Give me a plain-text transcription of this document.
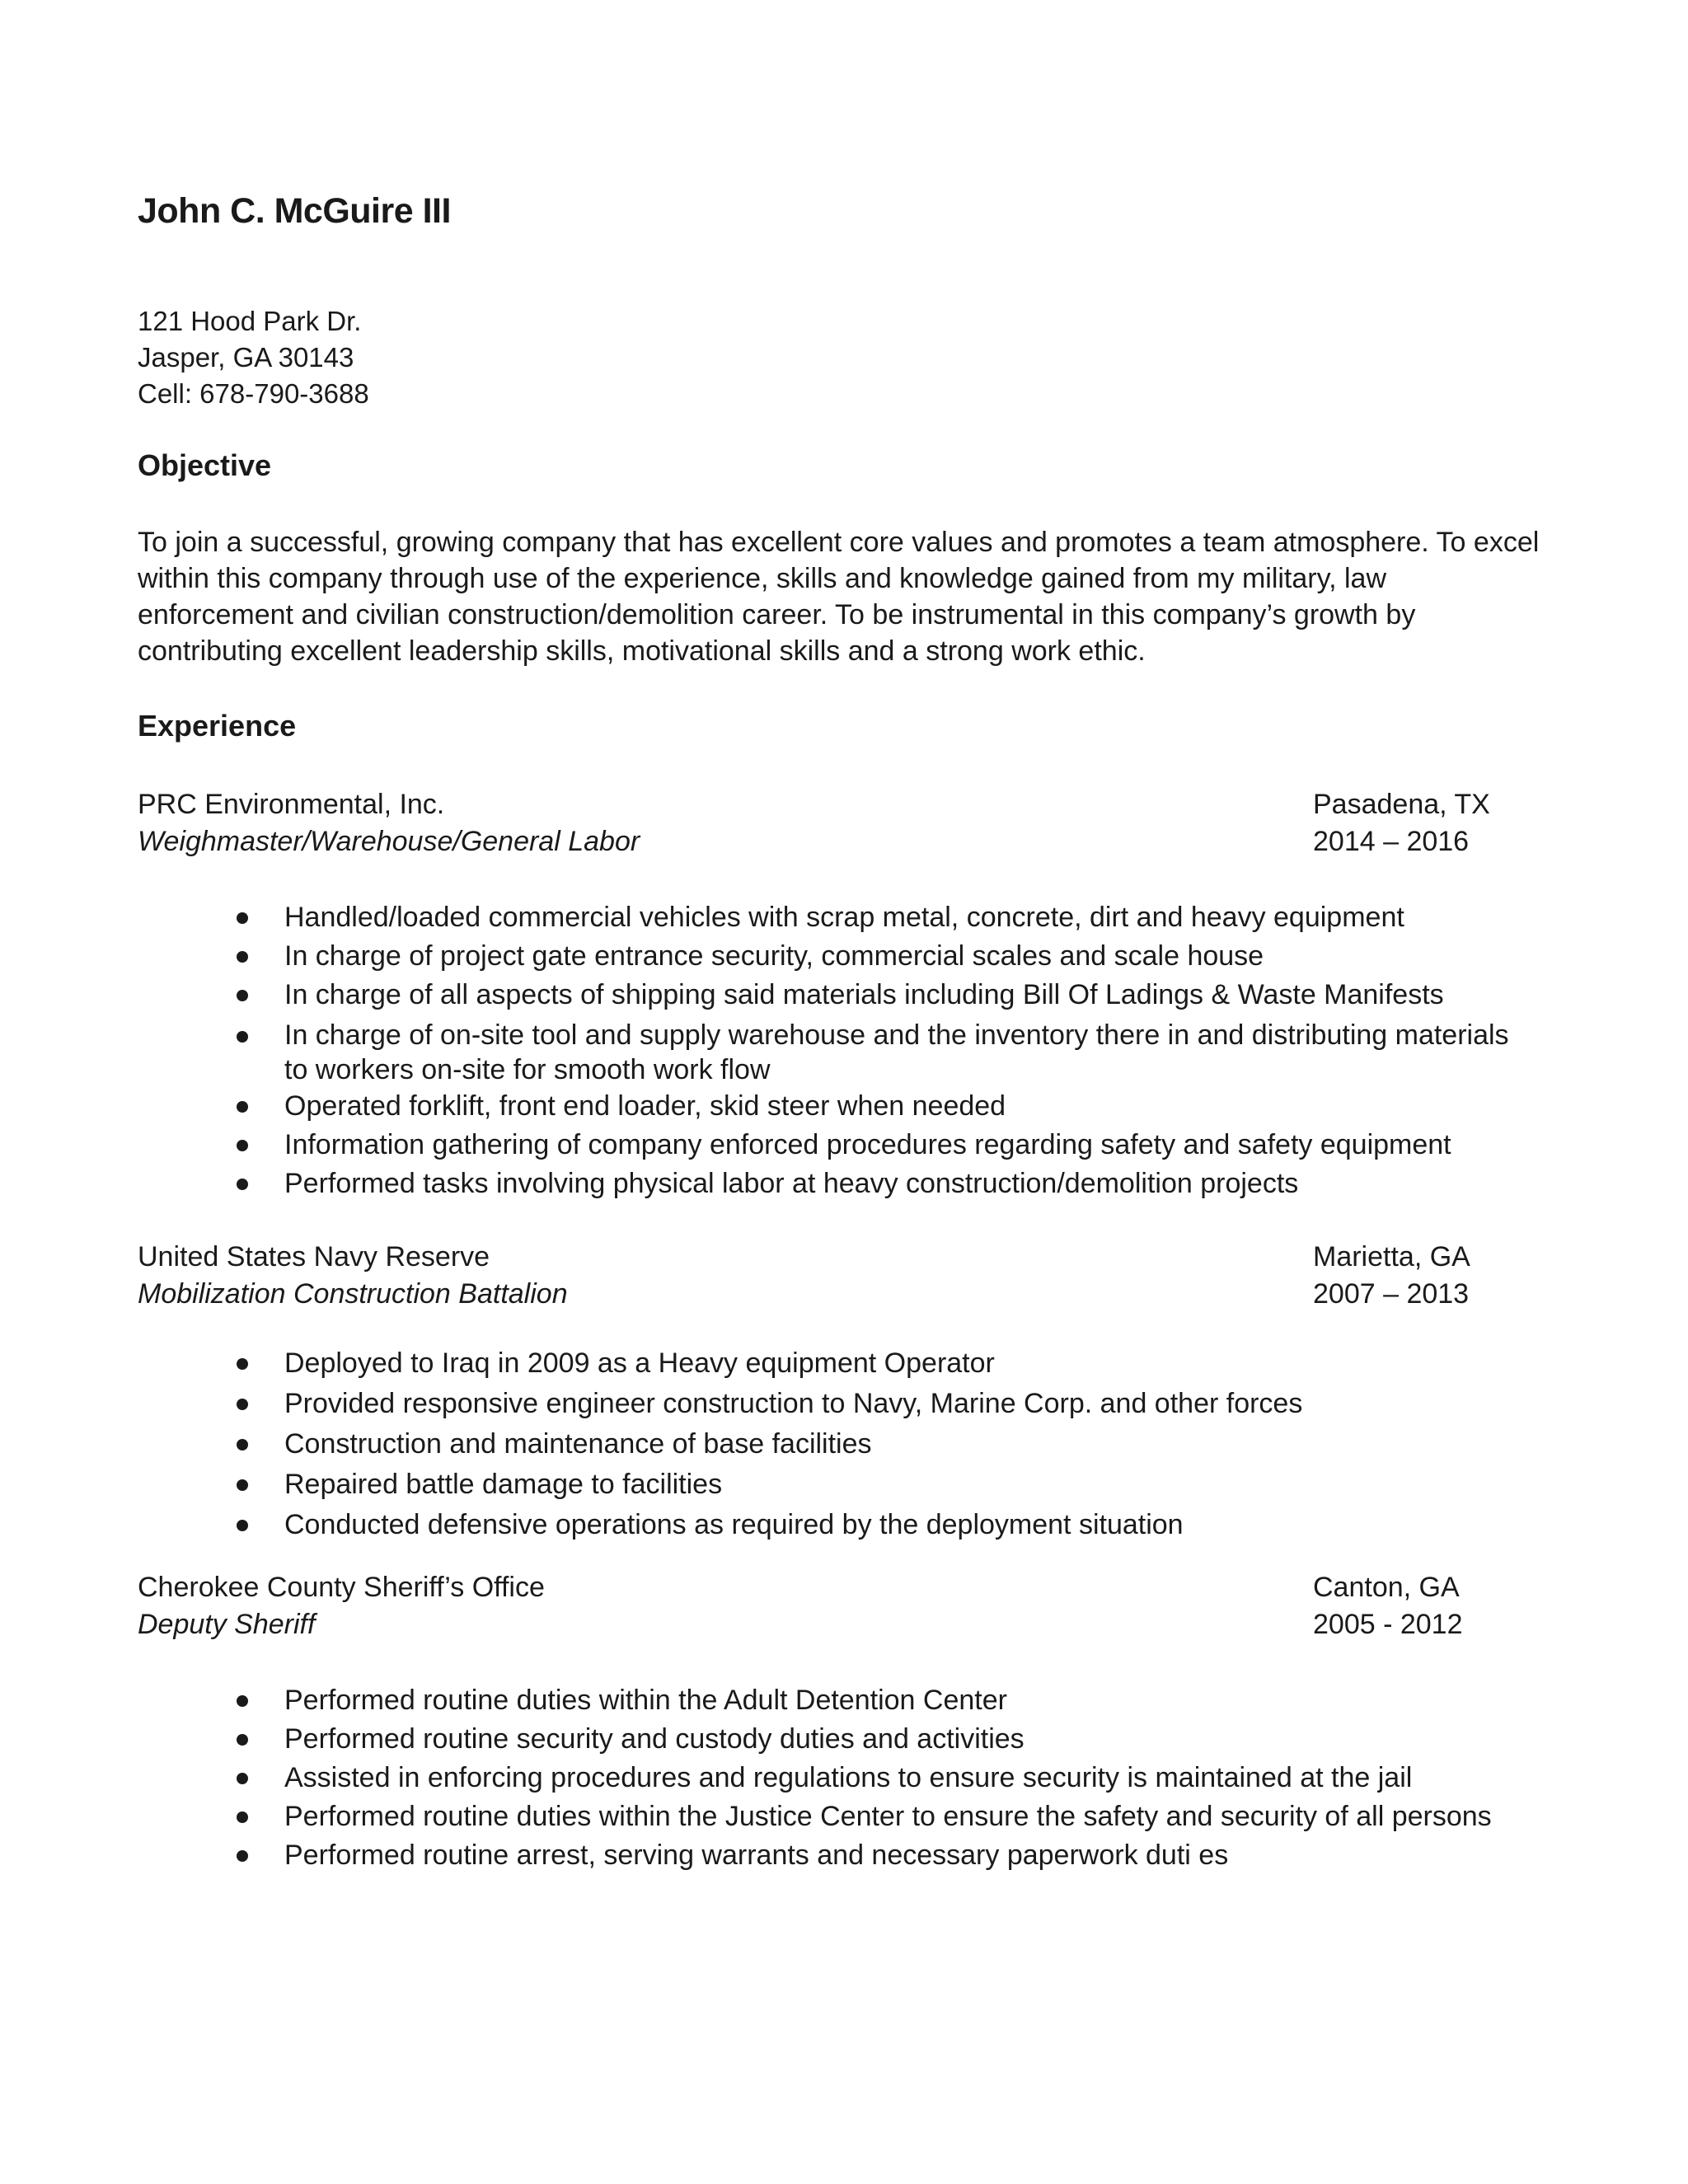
John C. McGuire III
121 Hood Park Dr.
Jasper, GA 30143
Cell: 678-790-3688
Objective
To join a successful, growing company that has excellent core values and promotes a team atmosphere. To excel
within this company through use of the experience, skills and knowledge gained from my military, law
enforcement and civilian construction/demolition career. To be instrumental in this company’s growth by
contributing excellent leadership skills, motivational skills and a strong work ethic.
Experience
PRC Environmental, Inc.	Pasadena, TX
Weighmaster/Warehouse/General Labor	2014 – 2016
Handled/loaded commercial vehicles with scrap metal, concrete, dirt and heavy equipment
In charge of project gate entrance security, commercial scales and scale house
In charge of all aspects of shipping said materials including Bill Of Ladings & Waste Manifests
In charge of on-site tool and supply warehouse and the inventory there in and distributing materials
to workers on-site for smooth work flow
Operated forklift, front end loader, skid steer when needed
Information gathering of company enforced procedures regarding safety and safety equipment
Performed tasks involving physical labor at heavy construction/demolition projects
United States Navy Reserve	Marietta, GA
Mobilization Construction Battalion	2007 – 2013
Deployed to Iraq in 2009 as a Heavy equipment Operator
Provided responsive engineer construction to Navy, Marine Corp. and other forces
Construction and maintenance of base facilities
Repaired battle damage to facilities
Conducted defensive operations as required by the deployment situation
Cherokee County Sheriff’s Office	Canton, GA
Deputy Sheriff	2005 - 2012
Performed routine duties within the Adult Detention Center
Performed routine security and custody duties and activities
Assisted in enforcing procedures and regulations to ensure security is maintained at the jail
Performed routine duties within the Justice Center to ensure the safety and security of all persons
Performed routine arrest, serving warrants and necessary paperwork duti es
